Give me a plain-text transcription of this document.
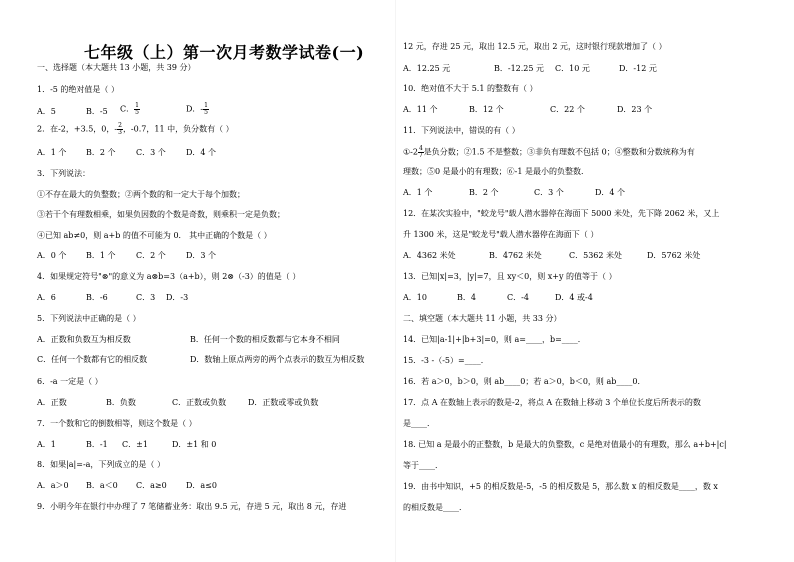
七年级（上）第一次月考数学试卷(一)
一、选择题（本大题共 13 小题，共 39 分）
1．-5 的绝对值是（ ）
A．5	B．-5 C． $\frac{1}{5}$	D．- $\frac{1}{5}$
2．在-2，+3.5，0，- $\frac{2}{3}$ ，-0.7，11 中，负分数有（ ）
A．1 个 B．2 个	C．3 个	D．4 个
3．下列说法：
①不存在最大的负整数；②两个数的和一定大于每个加数；
③若干个有理数相乘，如果负因数的个数是奇数，则乘积一定是负数；
④已知 ab≠0，则 a+b 的值不可能为 0． 其中正确的个数是（ ）
A．0 个 B．1 个	C．2 个	D．3 个
4．如果规定符号"⊗"的意义为 a⊗b=3（a+b），则 2⊗（-3）的值是（ ）
A．6	B．-6	C．3 D．-3
5．下列说法中正确的是（ ）
A．正数和负数互为相反数	B．任何一个数的相反数都与它本身不相同
C．任何一个数都有它的相反数	D．数轴上原点两旁的两个点表示的数互为相反数
6．-a 一定是（ ）
A．正数	B．负数	C．正数或负数	D．正数或零或负数
7．一个数和它的倒数相等，则这个数是（ ）
A．1	B．-1 C．±1	D．±1 和 0
8．如果|a|=-a，下列成立的是（ ）
A．a＞0 B．a＜0 C．a≥0 D．a≤0
9．小明今年在银行中办理了 7 笔储蓄业务：取出 9.5 元，存进 5 元，取出 8 元，存进
12 元，存进 25 元，取出 12.5 元，取出 2 元，这时银行现款增加了（ ）
A．12.25 元	B．-12.25 元 C．10 元	D．-12 元
10．绝对值不大于 5.1 的整数有（ ）
A．11 个	B．12 个	C．22 个	D．23 个
11．下列说法中，错误的有（ ）
①-2 $\frac{4}{7}$ 是负分数；②1.5 不是整数；③非负有理数不包括 0；④整数和分数统称为有
理数；⑤0 是最小的有理数；⑥-1 是最小的负整数．
A．1 个	B．2 个	C．3 个	D．4 个
12．在某次实验中，"蛟龙号"载人潜水器停在海面下 5000 米处，先下降 2062 米，又上
升 1300 米，这是"蛟龙号"载人潜水器停在海面下（ ）
A．4362 米处	B．4762 米处	C．5362 米处	D．5762 米处
13．已知|x|=3，|y|=7，且 xy＜0，则 x+y 的值等于（ ）
A．10	B．4	C．-4	D．4 或-4
二、填空题（本大题共 11 小题，共 33 分）
14．已知|a-1|+|b+3|=0，则 a=____，b=____．
15．-3 -（-5）=____．
16．若 a＞0，b＞0，则 ab____0；若 a＞0，b＜0，则 ab____0．
17．点 A 在数轴上表示的数是-2，将点 A 在数轴上移动 3 个单位长度后所表示的数
是____．
18. 已知 a 是最小的正整数，b 是最大的负整数，c 是绝对值最小的有理数，那么 a+b+|c|
等于____．
19．由书中知识，+5 的相反数是-5，-5 的相反数是 5，那么数 x 的相反数是____，数 x
的相反数是____．
